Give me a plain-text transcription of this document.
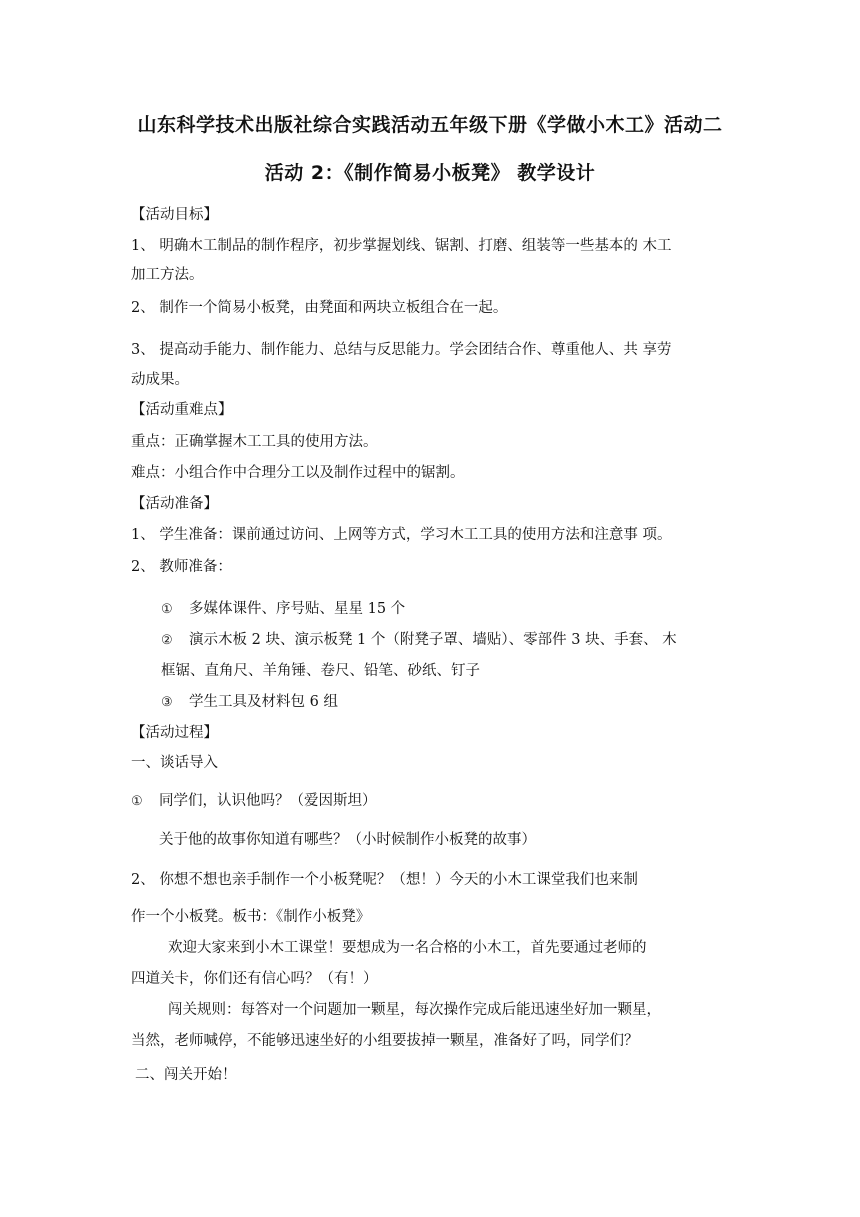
山东科学技术出版社综合实践活动五年级下册《学做小木工》活动二
活动 2：《制作简易小板凳》 教学设计
【活动目标】
1、 明确木工制品的制作程序，初步掌握划线、锯割、打磨、组装等一些基本的 木工
加工方法。
2、 制作一个简易小板凳，由凳面和两块立板组合在一起。
3、 提高动手能力、制作能力、总结与反思能力。学会团结合作、尊重他人、共 享劳
动成果。
【活动重难点】
重点：正确掌握木工工具的使用方法。
难点：小组合作中合理分工以及制作过程中的锯割。
【活动准备】
1、 学生准备：课前通过访问、上网等方式，学习木工工具的使用方法和注意事 项。
2、 教师准备：
① 多媒体课件、序号贴、星星 15 个
② 演示木板 2 块、演示板凳 1 个（附凳子罩、墙贴）、零部件 3 块、手套、 木
框锯、直角尺、羊角锤、卷尺、铅笔、砂纸、钉子
③ 学生工具及材料包 6 组
【活动过程】
一、谈话导入
① 同学们，认识他吗？（爱因斯坦）
关于他的故事你知道有哪些？（小时候制作小板凳的故事）
2、 你想不想也亲手制作一个小板凳呢？（想！）今天的小木工课堂我们也来制
作一个小板凳。板书：《制作小板凳》
欢迎大家来到小木工课堂！要想成为一名合格的小木工，首先要通过老师的
四道关卡，你们还有信心吗？（有！）
闯关规则：每答对一个问题加一颗星，每次操作完成后能迅速坐好加一颗星，
当然，老师喊停，不能够迅速坐好的小组要拔掉一颗星，准备好了吗，同学们？
二、闯关开始！
